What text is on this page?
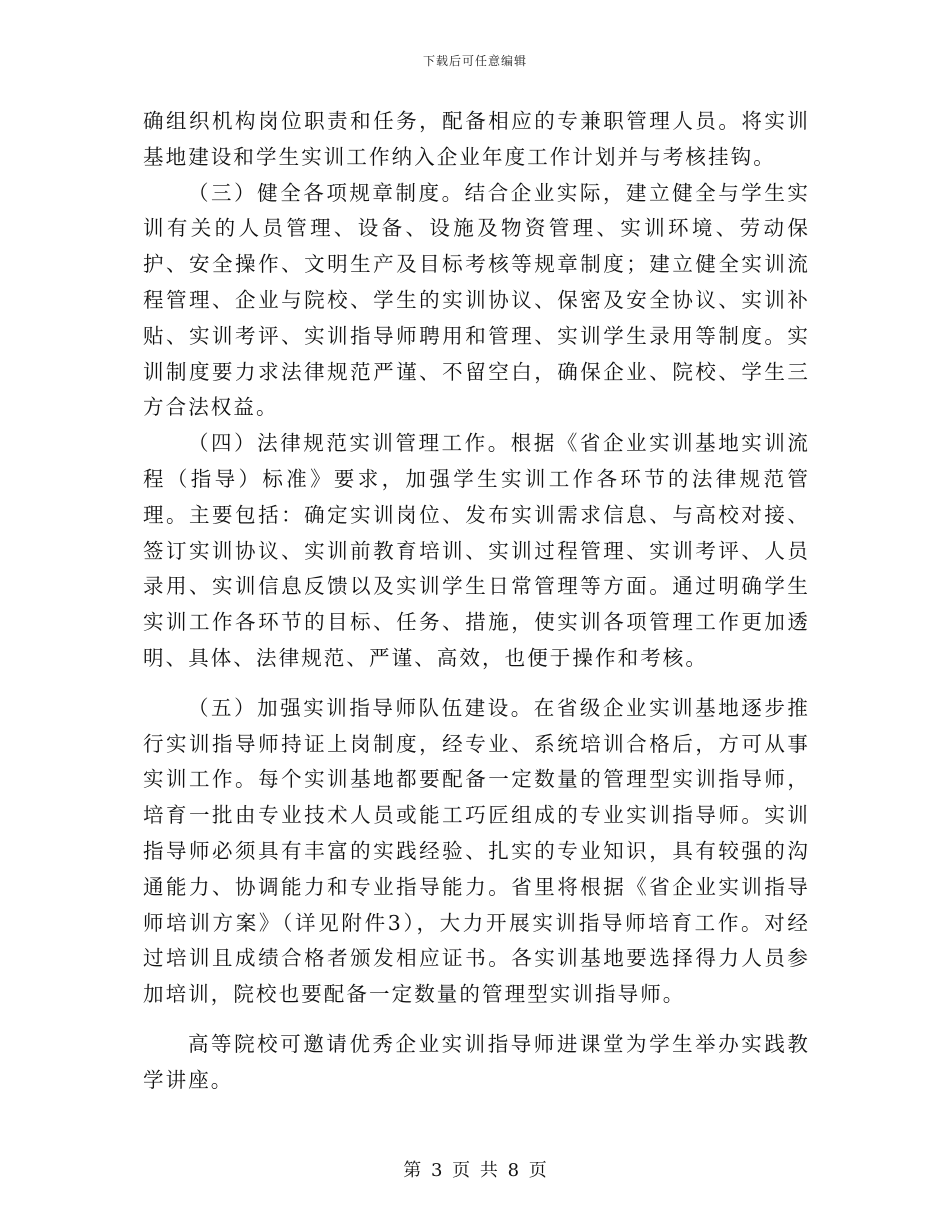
下载后可任意编辑

确组织机构岗位职责和任务，配备相应的专兼职管理人员。将实训基地建设和学生实训工作纳入企业年度工作计划并与考核挂钩。

（三）健全各项规章制度。结合企业实际，建立健全与学生实训有关的人员管理、设备、设施及物资管理、实训环境、劳动保护、安全操作、文明生产及目标考核等规章制度；建立健全实训流程管理、企业与院校、学生的实训协议、保密及安全协议、实训补贴、实训考评、实训指导师聘用和管理、实训学生录用等制度。实训制度要力求法律规范严谨、不留空白，确保企业、院校、学生三方合法权益。

（四）法律规范实训管理工作。根据《省企业实训基地实训流程（指导）标准》要求，加强学生实训工作各环节的法律规范管理。主要包括：确定实训岗位、发布实训需求信息、与高校对接、签订实训协议、实训前教育培训、实训过程管理、实训考评、人员录用、实训信息反馈以及实训学生日常管理等方面。通过明确学生实训工作各环节的目标、任务、措施，使实训各项管理工作更加透明、具体、法律规范、严谨、高效，也便于操作和考核。

（五）加强实训指导师队伍建设。在省级企业实训基地逐步推行实训指导师持证上岗制度，经专业、系统培训合格后，方可从事实训工作。每个实训基地都要配备一定数量的管理型实训指导师，培育一批由专业技术人员或能工巧匠组成的专业实训指导师。实训指导师必须具有丰富的实践经验、扎实的专业知识，具有较强的沟通能力、协调能力和专业指导能力。省里将根据《省企业实训指导师培训方案》（详见附件3），大力开展实训指导师培育工作。对经过培训且成绩合格者颁发相应证书。各实训基地要选择得力人员参加培训，院校也要配备一定数量的管理型实训指导师。

高等院校可邀请优秀企业实训指导师进课堂为学生举办实践教学讲座。

第 3 页 共 8 页
